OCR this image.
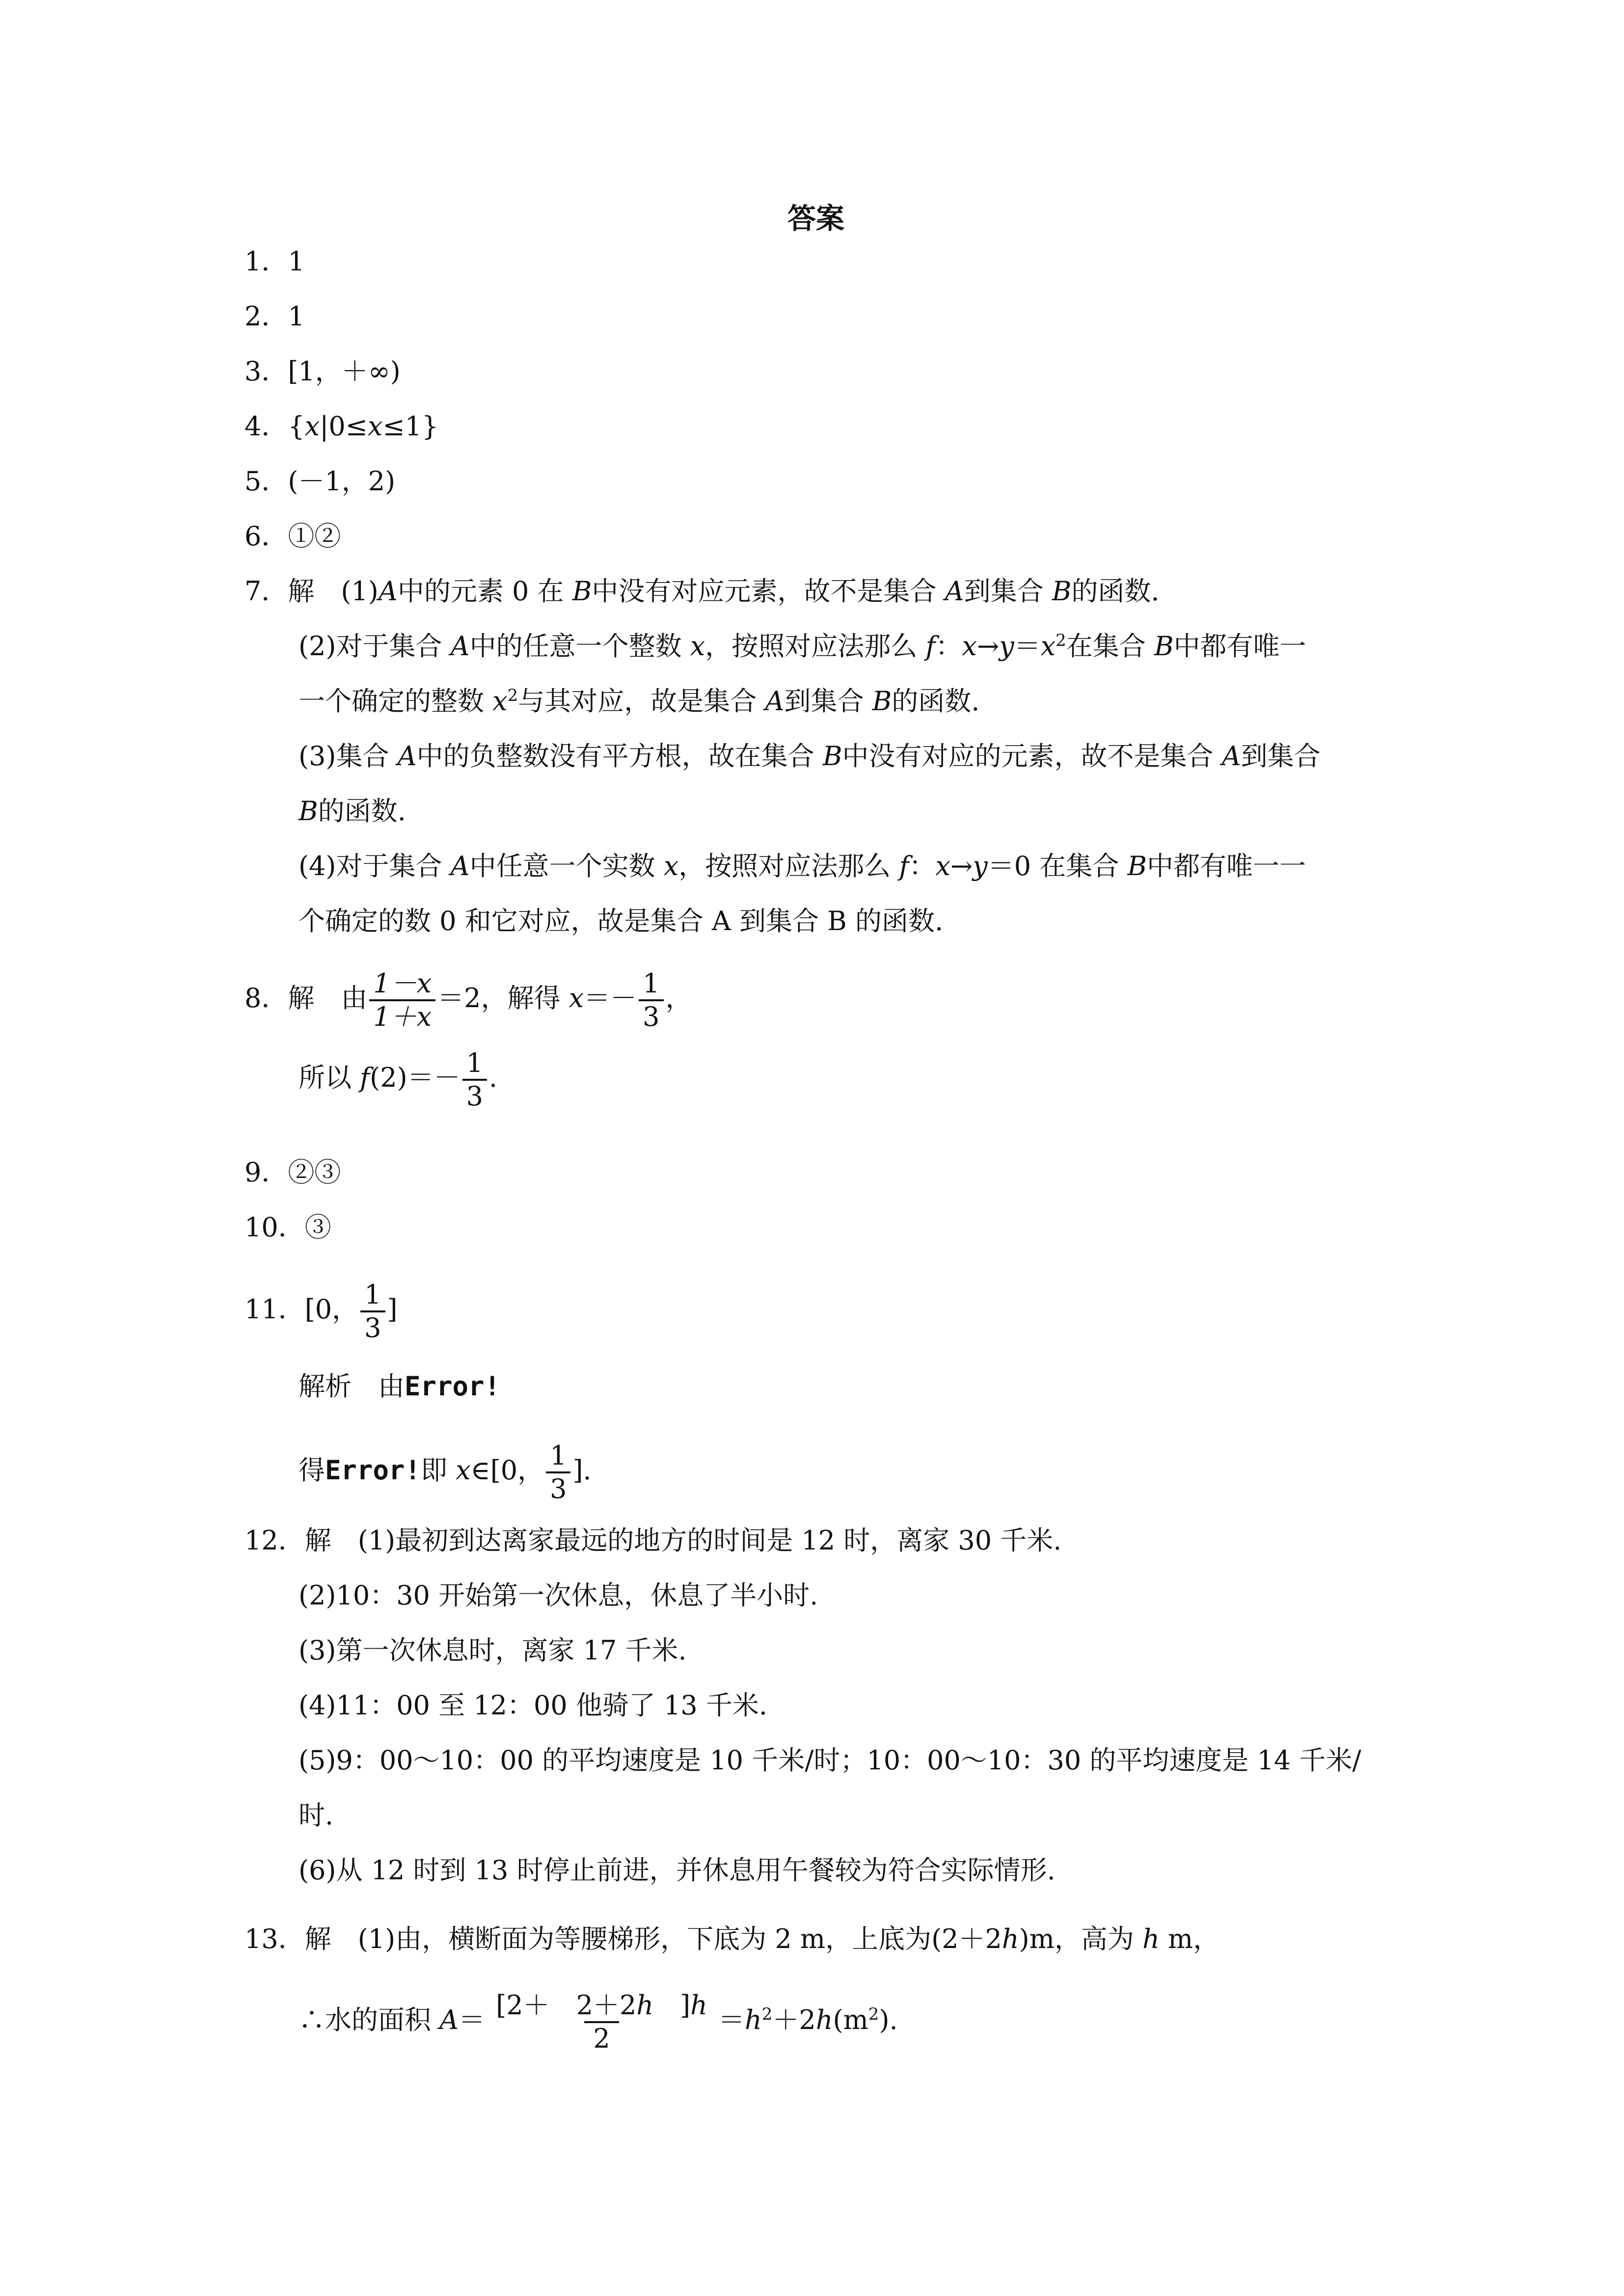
答案
1．1
2．1
3．[1，＋∞)
4．{x|0≤x≤1}
5．(－1，2)
6．①②
7．解　(1)A中的元素 0 在 B中没有对应元素，故不是集合 A到集合 B的函数.
(2)对于集合 A中的任意一个整数 x，按照对应法那么 f：$x\to y=x^2$在集合 B中都有唯一
一个确定的整数 $x^2$与其对应，故是集合 A到集合 B的函数.
(3)集合 A中的负整数没有平方根，故在集合 B中没有对应的元素，故不是集合 A到集合
B的函数.
(4)对于集合 A中任意一个实数 x，按照对应法那么 f：x→y＝0 在集合 B中都有唯一一
个确定的数 0 和它对应，故是集合 A 到集合 B 的函数.
8．解　由 $\frac{1-x}{1+x} =2$，解得 $x=- \frac{1}{3}$ ，
所以 $f(2)=- \frac{1}{3}$ .
9．②③
10．③
11．[0， $\frac{1}{3}$ ]
解析　由Error!
得Error!即 x∈[0， $\frac{1}{3}$ ].
12．解　(1)最初到达离家最远的地方的时间是 12 时，离家 30 千米.
(2)10：30 开始第一次休息，休息了半小时.
(3)第一次休息时，离家 17 千米.
(4)11：00 至 12：00 他骑了 13 千米.
(5)9：00～10：00 的平均速度是 10 千米/时；10：00～10：30 的平均速度是 14 千米/
时.
(6)从 12 时到 13 时停止前进，并休息用午餐较为符合实际情形.
13．解　(1)由，横断面为等腰梯形，下底为 2 m，上底为(2＋2h)m，高为 h m，
∴水的面积 $A= \frac{[2+ 2+2h ]h}{2} =h^2+2h(m^2)$.
